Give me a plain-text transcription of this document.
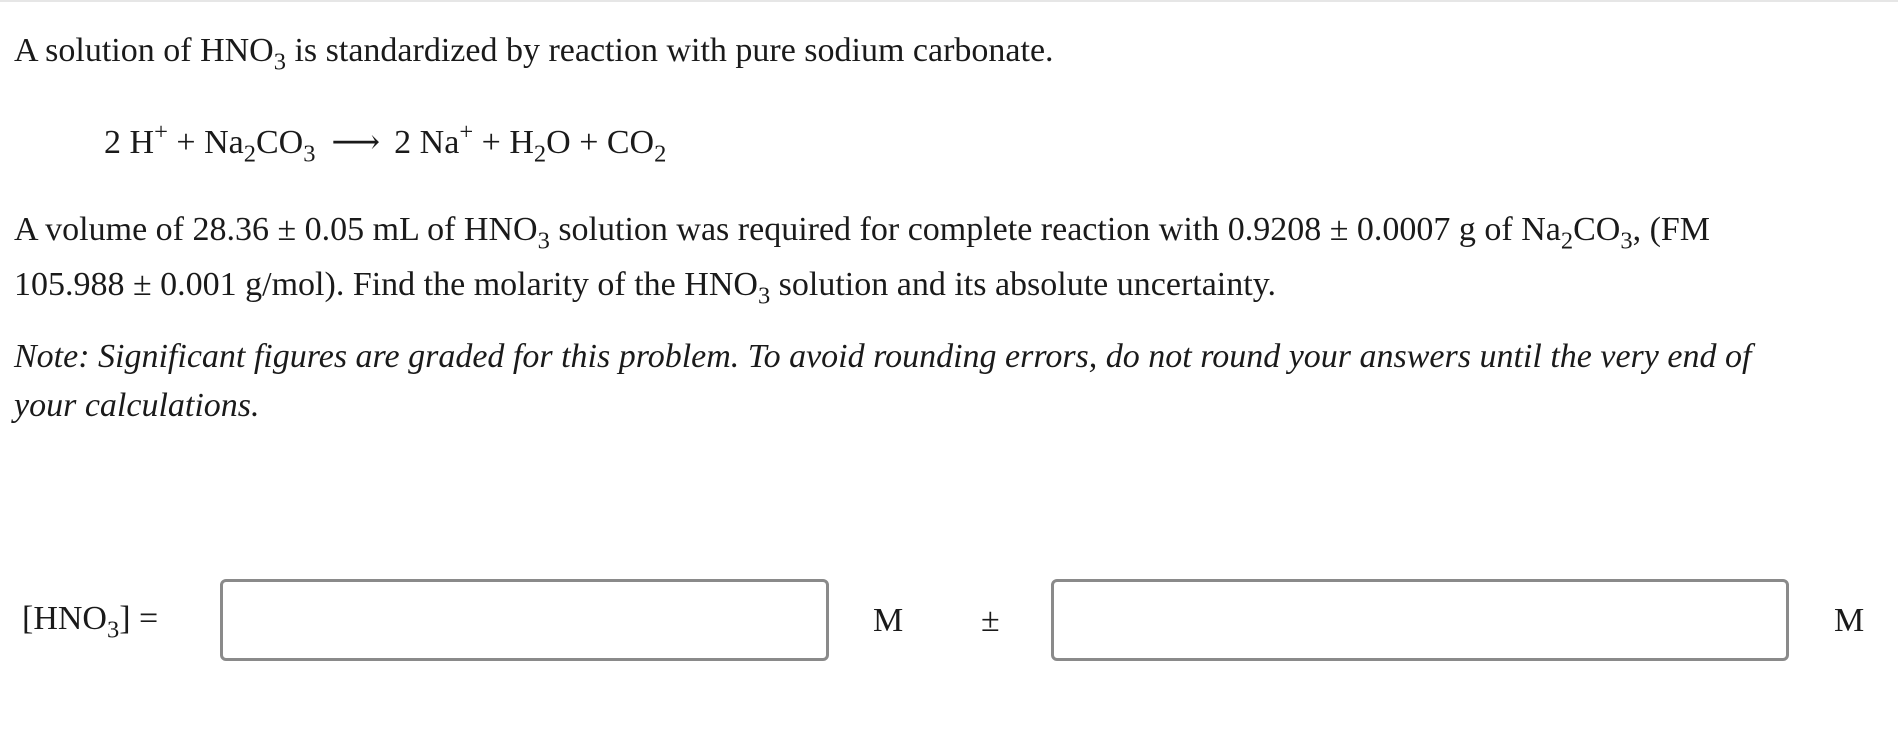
A solution of $HNO_3$ is standardized by reaction with pure sodium carbonate.
2 $H^+ + Na_2CO_3$ ⟶ 2 $Na^+ + H_2O + CO_2$
A volume of 28.36 ± 0.05 mL of $HNO_3$ solution was required for complete reaction with 0.9208 ± 0.0007 g of $Na_2CO_3$, (FM
105.988 ± 0.001 g/mol). Find the molarity of the $HNO_3$ solution and its absolute uncertainty.
Note: Significant figures are graded for this problem. To avoid rounding errors, do not round your answers until the very end of
your calculations.
$[HNO_3]$ =	M ±	M
